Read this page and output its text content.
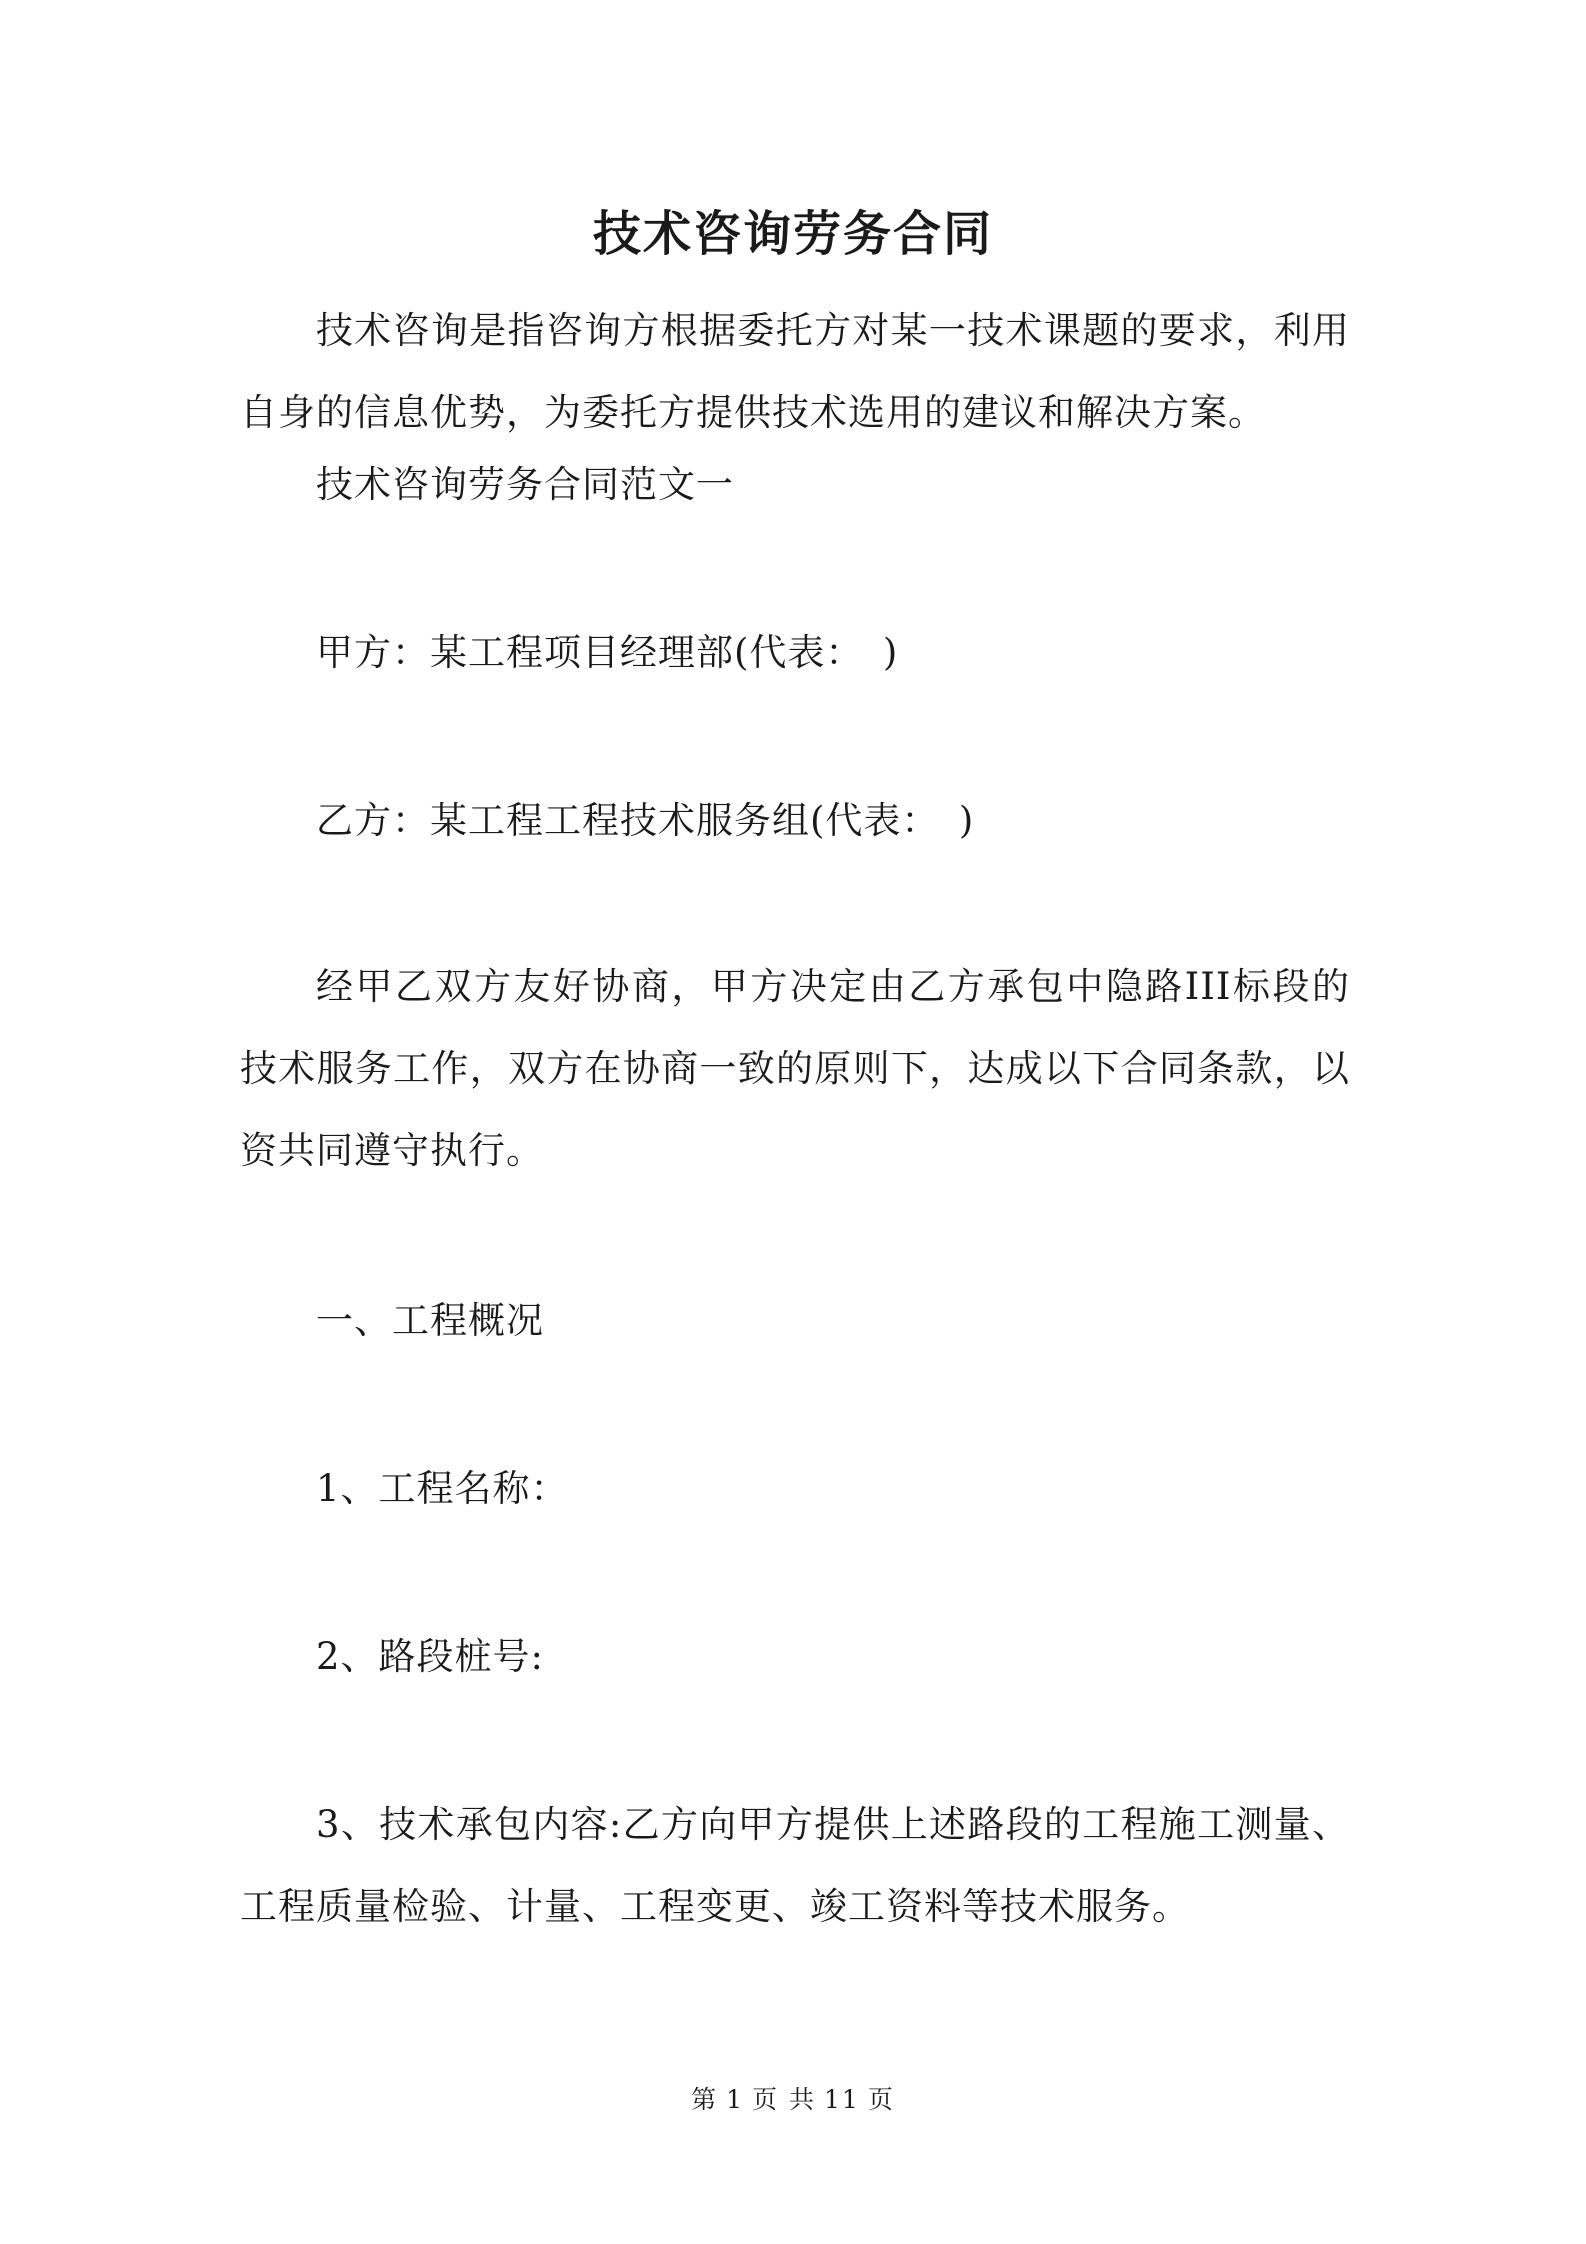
技术咨询劳务合同
技术咨询是指咨询方根据委托方对某一技术课题的要求，利用自身的信息优势，为委托方提供技术选用的建议和解决方案。
技术咨询劳务合同范文一
甲方：某工程项目经理部(代表：　)
乙方：某工程工程技术服务组(代表：　)
经甲乙双方友好协商，甲方决定由乙方承包中隐路III标段的技术服务工作，双方在协商一致的原则下，达成以下合同条款，以资共同遵守执行。
一、工程概况
1、工程名称：
2、路段桩号:
3、技术承包内容:乙方向甲方提供上述路段的工程施工测量、工程质量检验、计量、工程变更、竣工资料等技术服务。
第 1 页 共 11 页
